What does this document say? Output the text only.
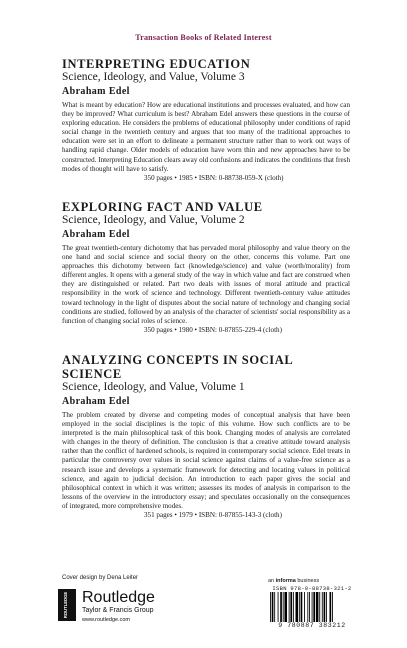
Transaction Books of Related Interest

INTERPRETING EDUCATION

Science, Ideology, and Value, Volume 3

Abraham Edel

What is meant by education? How are educational institutions and processes evaluated, and how can they be improved? What curriculum is best? Abraham Edel answers these questions in the course of exploring education. He considers the problems of educational philosophy under conditions of rapid social change in the twentieth century and argues that too many of the traditional approaches to education were set in an effort to delineate a permanent structure rather than to work out ways of handling rapid change. Older models of education have worn thin and new approaches have to be constructed. Interpreting Education clears away old confusions and indicates the conditions that fresh modes of thought will have to satisfy.

350 pages • 1985 • ISBN: 0-88738-059-X (cloth)

EXPLORING FACT AND VALUE

Science, Ideology, and Value, Volume 2

Abraham Edel

The great twentieth-century dichotomy that has pervaded moral philosophy and value theory on the one hand and social science and social theory on the other, concerns this volume. Part one approaches this dichotomy between fact (knowledge/science) and value (worth/morality) from different angles. It opens with a general study of the way in which value and fact are construed when they are distinguished or related. Part two deals with issues of moral attitude and practical responsibility in the work of science and technology. Different twentieth-century value attitudes toward technology in the light of disputes about the social nature of technology and changing social conditions are studied, followed by an analysis of the character of scientists' social responsibility as a function of changing social roles of science.

350 pages • 1980 • ISBN: 0-87855-229-4 (cloth)

ANALYZING CONCEPTS IN SOCIAL SCIENCE

Science, Ideology, and Value, Volume 1

Abraham Edel

The problem created by diverse and competing modes of conceptual analysis that have been employed in the social disciplines is the topic of this volume. How such conflicts are to be interpreted is the main philosophical task of this book. Changing modes of analysis are correlated with changes in the theory of definition. The conclusion is that a creative attitude toward analysis rather than the conflict of hardened schools, is required in contemporary social science. Edel treats in particular the controversy over values in social science against claims of a value-free science as a research issue and develops a systematic framework for detecting and locating values in political science, and again to judicial decision. An introduction to each paper gives the social and philosophical context in which it was written; assesses its modes of analysis in comparison to the lessons of the overview in the introductory essay; and speculates occasionally on the consequences of integrated, more comprehensive modes.

351 pages • 1979 • ISBN: 0-87855-143-3 (cloth)

Cover design by Dena Leiter	an informa business
ROUTLEDGE Routledge
Taylor & Francis Group
www.routledge.com
ISBN 978-0-88738-321-2
9 780887 383212
